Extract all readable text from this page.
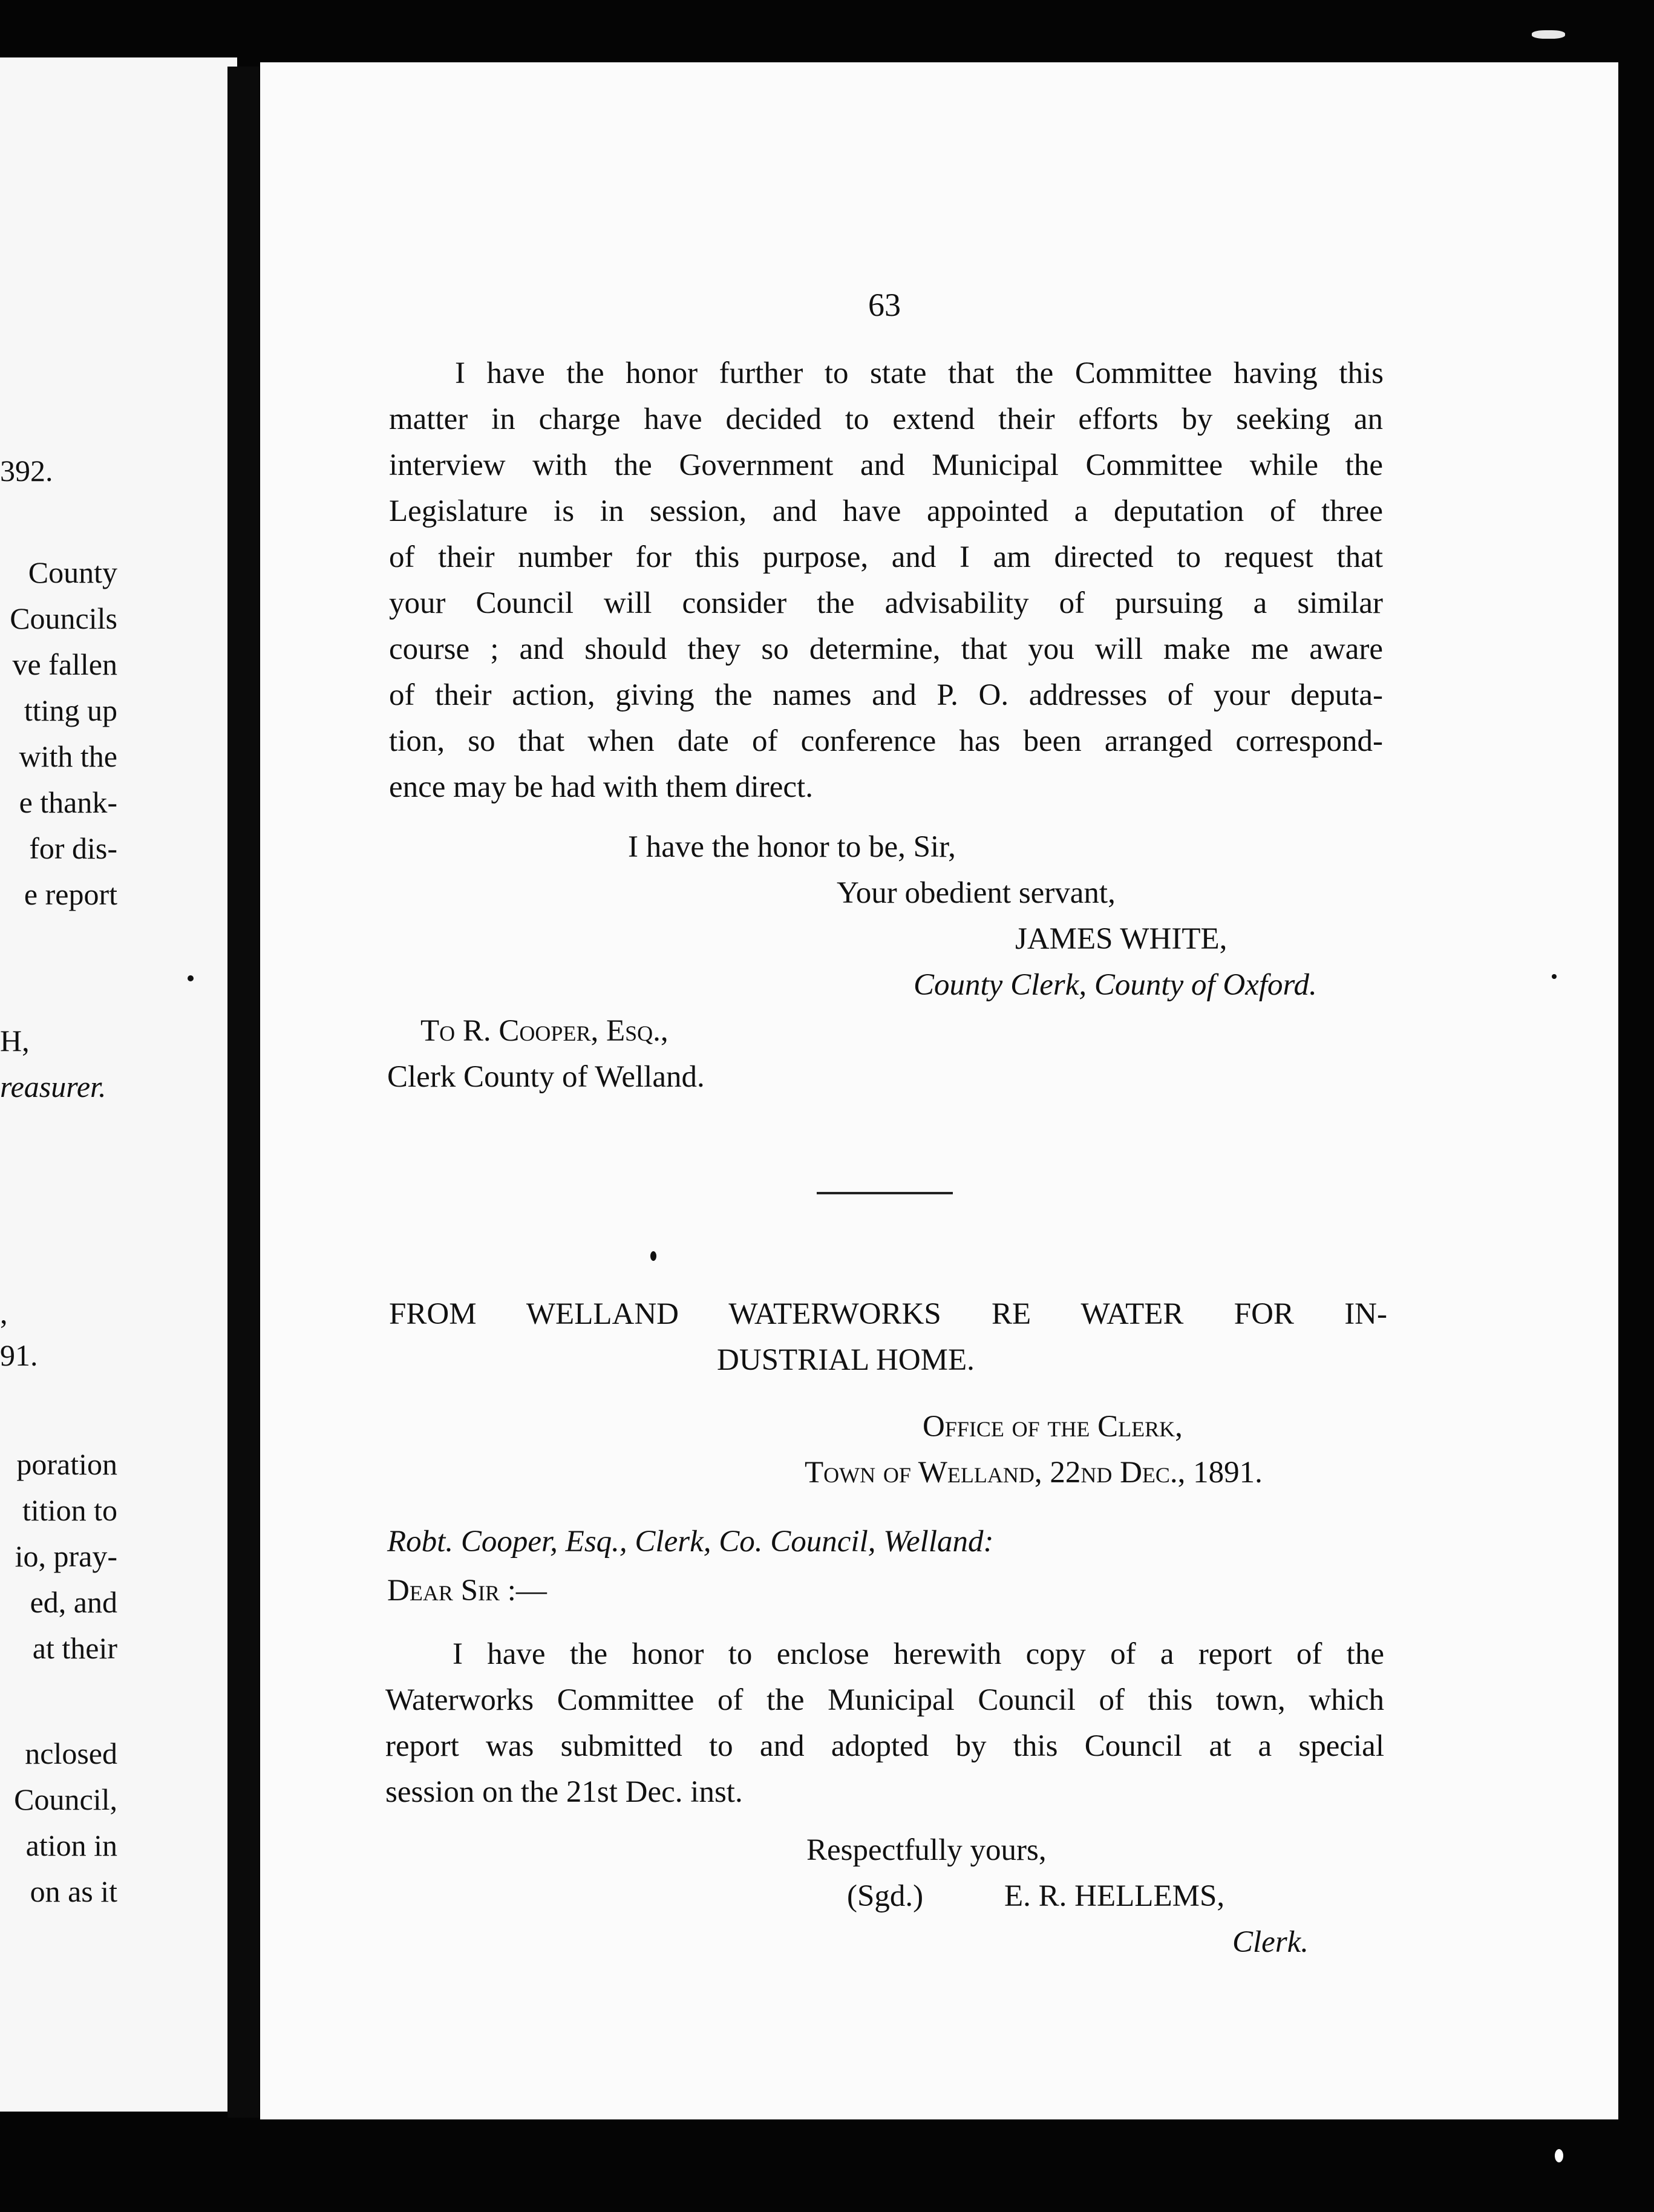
392.
County
Councils
ve fallen
tting up
with the
e thank-
for dis-
e report
H,
reasurer.
,
91.
poration
tition to
io, pray-
ed, and
at their
nclosed
Council,
ation in
on as it
63
I have the honor further to state that the Committee having this
matter in charge have decided to extend their efforts by seeking an
interview with the Government and Municipal Committee while the
Legislature is in session, and have appointed a deputation of three
of their number for this purpose, and I am directed to request that
your Council will consider the advisability of pursuing a similar
course ; and should they so determine, that you will make me aware
of their action, giving the names and P. O. addresses of your deputa-
tion, so that when date of conference has been arranged correspond-
ence may be had with them direct.
I have the honor to be, Sir,
Your obedient servant,
JAMES WHITE,
County Clerk, County of Oxford.
To R. Cooper, Esq.,
Clerk County of Welland.
FROM WELLAND WATERWORKS RE WATER FOR IN-
DUSTRIAL HOME.
Office of the Clerk,
Town of Welland, 22nd Dec., 1891.
Robt. Cooper, Esq., Clerk, Co. Council, Welland:
Dear Sir :—
I have the honor to enclose herewith copy of a report of the
Waterworks Committee of the Municipal Council of this town, which
report was submitted to and adopted by this Council at a special
session on the 21st Dec. inst.
Respectfully yours,
(Sgd.)	E. R. HELLEMS,
Clerk.
